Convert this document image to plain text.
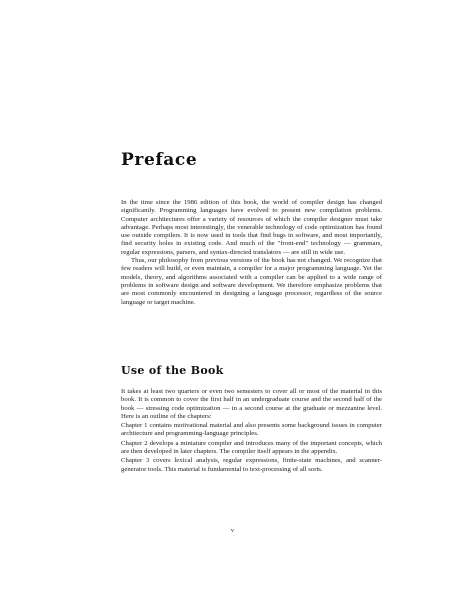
Preface

In the time since the 1986 edition of this book, the world of compiler design has changed significantly. Programming languages have evolved to present new compilation problems. Computer architectures offer a variety of resources of which the compiler designer must take advantage. Perhaps most interestingly, the venerable technology of code optimization has found use outside compilers. It is now used in tools that find bugs in software, and most importantly, find security holes in existing code. And much of the "front-end" technology — grammars, regular expressions, parsers, and syntax-directed translators — are still in wide use.

Thus, our philosophy from previous versions of the book has not changed. We recognize that few readers will build, or even maintain, a compiler for a major programming language. Yet the models, theory, and algorithms associated with a compiler can be applied to a wide range of problems in software design and software development. We therefore emphasize problems that are most commonly encountered in designing a language processor, regardless of the source language or target machine.

Use of the Book

It takes at least two quarters or even two semesters to cover all or most of the material in this book. It is common to cover the first half in an undergraduate course and the second half of the book — stressing code optimization — in a second course at the graduate or mezzanine level. Here is an outline of the chapters:

Chapter 1 contains motivational material and also presents some background issues in computer architecture and programming-language principles.

Chapter 2 develops a miniature compiler and introduces many of the important concepts, which are then developed in later chapters. The compiler itself appears in the appendix.

Chapter 3 covers lexical analysis, regular expressions, finite-state machines, and scanner-generator tools. This material is fundamental to text-processing of all sorts.

v
